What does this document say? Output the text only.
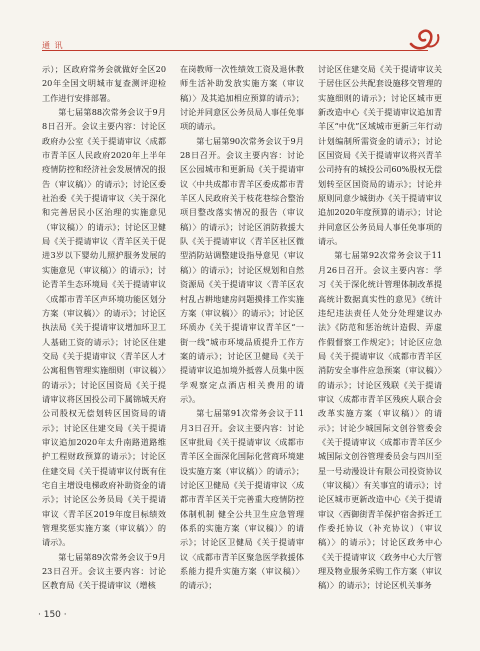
通 讯

示）；区政府常务会就做好全区2020年全国文明城市复查测评迎检工作进行安排部署。

第七届第88次常务会议于9月8日召开。会议主要内容：讨论区政府办公室《关于提请审议〈成都市青羊区人民政府2020年上半年疫情防控和经济社会发展情况的报告（审议稿）〉的请示》；讨论区委社治委《关于提请审议〈关于深化和完善居民小区治理的实施意见（审议稿）〉的请示》；讨论区卫健局《关于提请审议〈青羊区关于促进3岁以下婴幼儿照护服务发展的实施意见（审议稿）〉的请示》；讨论青羊生态环境局《关于提请审议〈成都市青羊区声环境功能区划分方案（审议稿）〉的请示》；讨论区执法局《关于提请审议增加环卫工人基础工资的请示》；讨论区住建交局《关于提请审议〈青羊区人才公寓租售管理实施细则（审议稿）〉的请示》；讨论区国资局《关于提请审议将区国投公司下属锦城天府公司股权无偿划转区国资局的请示》；讨论区住建交局《关于提请审议追加2020年太升南路道路维护工程财政预算的请示》；讨论区住建交局《关于提请审议付既有住宅自主增设电梯政府补助资金的请示》；讨论区公务员局《关于提请审议〈青羊区2019年度目标绩效管理奖惩实施方案（审议稿）〉的请示》。

第七届第89次常务会议于9月23日召开。会议主要内容：讨论区教育局《关于提请审议（增核

在岗教师一次性绩效工资及退休教师生活补助发放实施方案（审议稿）〉及其追加相应预算的请示》；讨论并同意区公务员局人事任免事项的请示。

第七届第90次常务会议于9月28日召开。会议主要内容：讨论区公园城市和更新局《关于提请审议〈中共成都市青羊区委成都市青羊区人民政府关于枝花巷综合整治项目整改落实情况的报告（审议稿）〉的请示》；讨论区消防救援大队《关于提请审议〈青羊区社区微型消防站调整建设指导意见（审议稿）〉的请示》；讨论区规划和自然资源局《关于提请审议〈青羊区农村乱占耕地建房问题摸排工作实施方案（审议稿）〉的请示》；讨论区环质办《关于提请审议青羊区“一街一线”城市环境品质提升工作方案的请示》；讨论区卫健局《关于提请审议追加境外抵蓉人员集中医学观察定点酒店相关费用的请示》。

第七届第91次常务会议于11月3日召开。会议主要内容：讨论区审批局《关于提请审议〈成都市青羊区全面深化国际化营商环境建设实施方案（审议稿）〉的请示》；讨论区卫健局《关于提请审议〈成都市青羊区关于完善重大疫情防控体制机制 健全公共卫生应急管理体系的实施方案（审议稿）〉的请示》；讨论区卫健局《关于提请审议〈成都市青羊区聚急医学救援体系能力提升实施方案（审议稿）〉的请示》；

讨论区住建交局《关于提请审议关于居住区公共配套设施移交管理的实施细则的请示》；讨论区城市更新改造中心《关于提请审议追加青羊区“中优”区域城市更新三年行动计划编制所需资金的请示》；讨论区国资局《关于提请审议将兴青羊公司持有的城投公司60%股权无偿划转至区国资局的请示》；讨论并原则同意少城街办《关于提请审议追加2020年度预算的请示》；讨论并同意区公务员局人事任免事项的请示。

第七届第92次常务会议于11月26日召开。会议主要内容：学习《关于深化统计管理体制改革提高统计数据真实性的意见》《统计违纪违法责任人处分处理建议办法》《防范和惩治统计造假、弄虚作假督察工作规定》；讨论区应急局《关于提请审议〈成都市青羊区消防安全事件应急预案（审议稿）〉的请示》；讨论区残联《关于提请审议〈成都市青羊区残疾人联合会改革实施方案（审议稿）〉的请示》；讨论少城国际文创谷管委会《关于提请审议〈成都市青羊区少城国际文创谷管理委员会与四川至星一号动漫设计有限公司投资协议（审议稿）〉有关事宜的请示》；讨论区城市更新改造中心《关于提请审议〈西御街青羊保护宿舍拆迁工作委托协议（补充协议）（审议稿）〉的请示》；讨论区政务中心《关于提请审议〈政务中心大厅管理及物业服务采购工作方案（审议稿）〉的请示》；讨论区机关事务

· 150 ·
